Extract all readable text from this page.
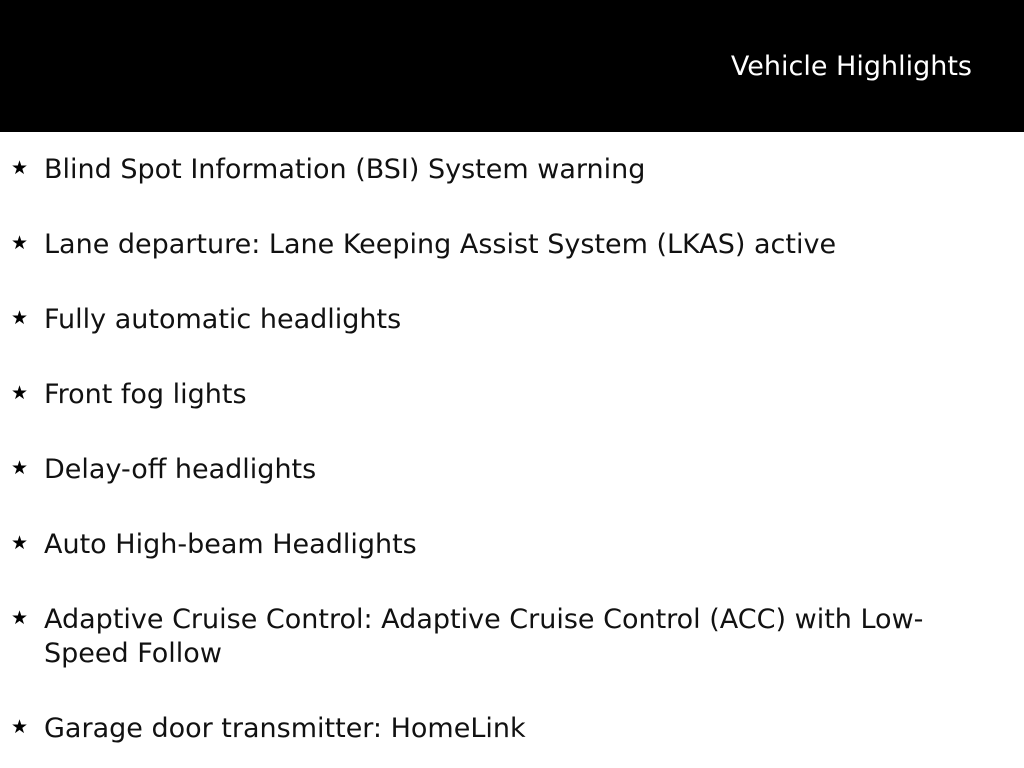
Vehicle Highlights
★ Blind Spot Information (BSI) System warning
★ Lane departure: Lane Keeping Assist System (LKAS) active
★ Fully automatic headlights
★ Front fog lights
★ Delay-off headlights
★ Auto High-beam Headlights
★ Adaptive Cruise Control: Adaptive Cruise Control (ACC) with Low-Speed Follow
★ Garage door transmitter: HomeLink
